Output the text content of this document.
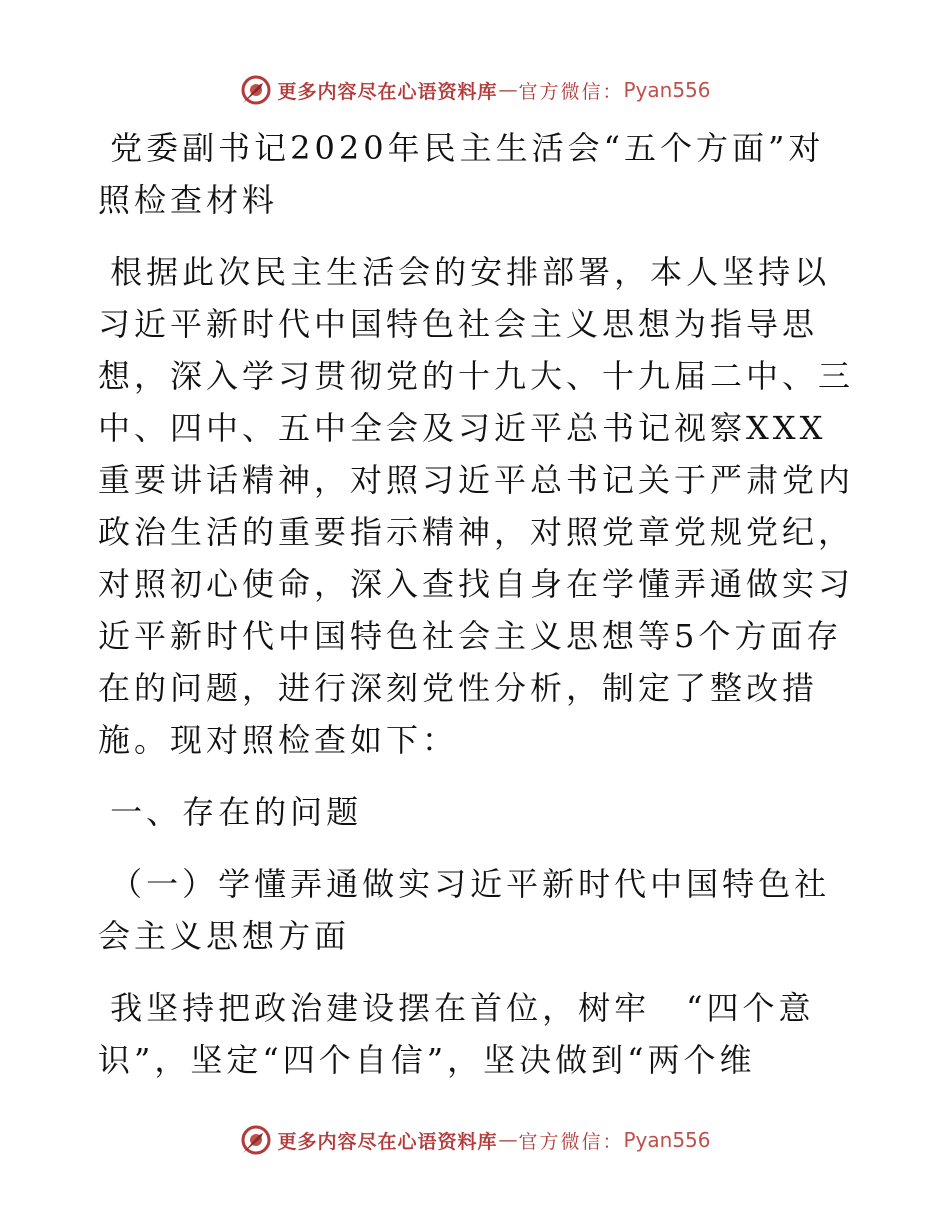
更多内容尽在心语资料库 — 官方微信： Pyan556

党委副书记2020年民主生活会“五个方面”对照检查材料

根据此次民主生活会的安排部署，本人坚持以习近平新时代中国特色社会主义思想为指导思想，深入学习贯彻党的十九大、十九届二中、三中、四中、五中全会及习近平总书记视察XXX重要讲话精神，对照习近平总书记关于严肃党内政治生活的重要指示精神，对照党章党规党纪，对照初心使命，深入查找自身在学懂弄通做实习近平新时代中国特色社会主义思想等5个方面存在的问题，进行深刻党性分析，制定了整改措施。现对照检查如下：

一、存在的问题

（一）学懂弄通做实习近平新时代中国特色社会主义思想方面

我坚持把政治建设摆在首位，树牢　“四个意识”，坚定“四个自信”，坚决做到“两个维

更多内容尽在心语资料库 — 官方微信： Pyan556
